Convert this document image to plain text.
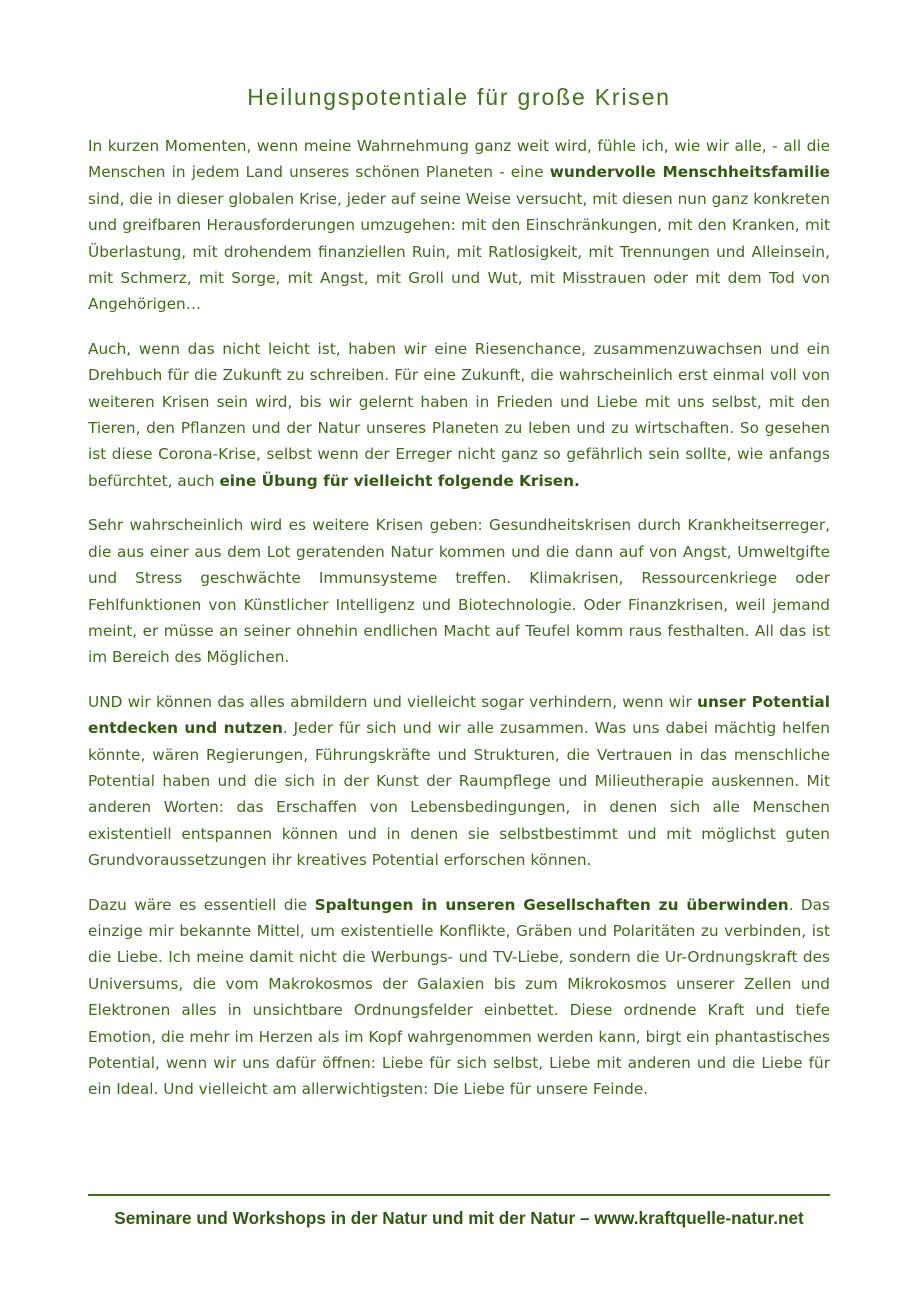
Heilungspotentiale für große Krisen

In kurzen Momenten, wenn meine Wahrnehmung ganz weit wird, fühle ich, wie wir alle, - all die Menschen in jedem Land unseres schönen Planeten - eine wundervolle Menschheitsfamilie sind, die in dieser globalen Krise, jeder auf seine Weise versucht, mit diesen nun ganz konkreten und greifbaren Herausforderungen umzugehen: mit den Einschränkungen, mit den Kranken, mit Überlastung, mit drohendem finanziellen Ruin, mit Ratlosigkeit, mit Trennungen und Alleinsein, mit Schmerz, mit Sorge, mit Angst, mit Groll und Wut, mit Misstrauen oder mit dem Tod von Angehörigen…

Auch, wenn das nicht leicht ist, haben wir eine Riesenchance, zusammenzuwachsen und ein Drehbuch für die Zukunft zu schreiben. Für eine Zukunft, die wahrscheinlich erst einmal voll von weiteren Krisen sein wird, bis wir gelernt haben in Frieden und Liebe mit uns selbst, mit den Tieren, den Pflanzen und der Natur unseres Planeten zu leben und zu wirtschaften. So gesehen ist diese Corona-Krise, selbst wenn der Erreger nicht ganz so gefährlich sein sollte, wie anfangs befürchtet, auch eine Übung für vielleicht folgende Krisen.

Sehr wahrscheinlich wird es weitere Krisen geben: Gesundheitskrisen durch Krankheitserreger, die aus einer aus dem Lot geratenden Natur kommen und die dann auf von Angst, Umweltgifte und Stress geschwächte Immunsysteme treffen. Klimakrisen, Ressourcenkriege oder Fehlfunktionen von Künstlicher Intelligenz und Biotechnologie. Oder Finanzkrisen, weil jemand meint, er müsse an seiner ohnehin endlichen Macht auf Teufel komm raus festhalten. All das ist im Bereich des Möglichen.

UND wir können das alles abmildern und vielleicht sogar verhindern, wenn wir unser Potential entdecken und nutzen. Jeder für sich und wir alle zusammen. Was uns dabei mächtig helfen könnte, wären Regierungen, Führungskräfte und Strukturen, die Vertrauen in das menschliche Potential haben und die sich in der Kunst der Raumpflege und Milieutherapie auskennen. Mit anderen Worten: das Erschaffen von Lebensbedingungen, in denen sich alle Menschen existentiell entspannen können und in denen sie selbstbestimmt und mit möglichst guten Grundvoraussetzungen ihr kreatives Potential erforschen können.

Dazu wäre es essentiell die Spaltungen in unseren Gesellschaften zu überwinden. Das einzige mir bekannte Mittel, um existentielle Konflikte, Gräben und Polaritäten zu verbinden, ist die Liebe. Ich meine damit nicht die Werbungs- und TV-Liebe, sondern die Ur-Ordnungskraft des Universums, die vom Makrokosmos der Galaxien bis zum Mikrokosmos unserer Zellen und Elektronen alles in unsichtbare Ordnungsfelder einbettet. Diese ordnende Kraft und tiefe Emotion, die mehr im Herzen als im Kopf wahrgenommen werden kann, birgt ein phantastisches Potential, wenn wir uns dafür öffnen: Liebe für sich selbst, Liebe mit anderen und die Liebe für ein Ideal. Und vielleicht am allerwichtigsten: Die Liebe für unsere Feinde.

Seminare und Workshops in der Natur und mit der Natur – www.kraftquelle-natur.net
